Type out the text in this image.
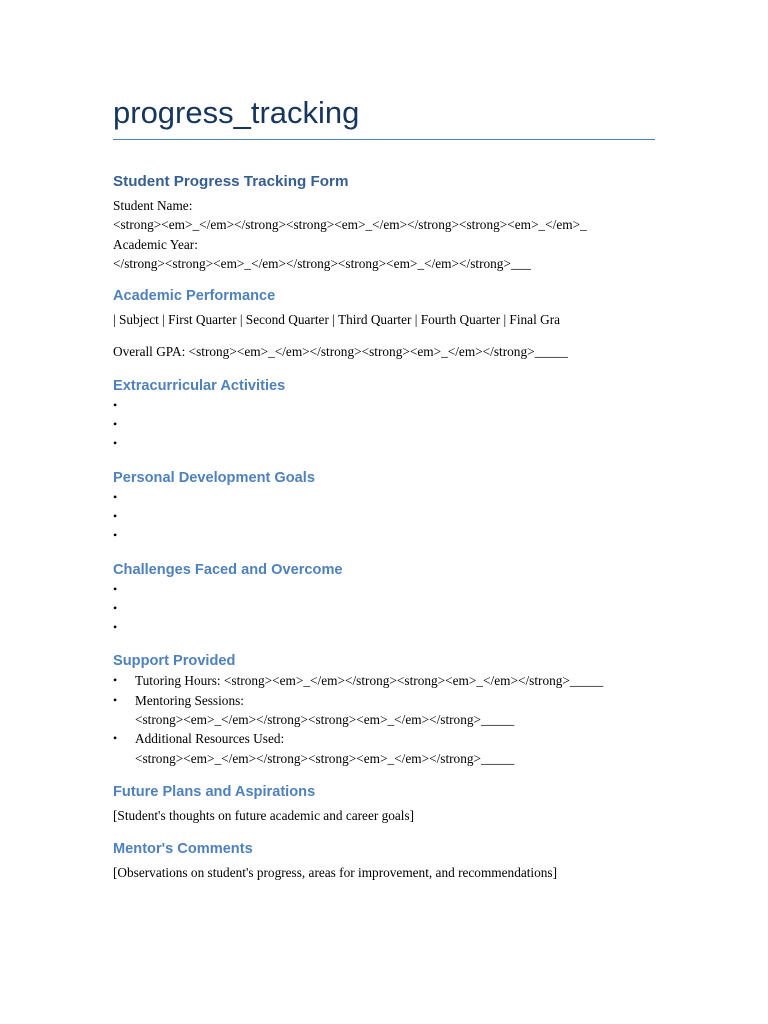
progress_tracking
Student Progress Tracking Form

Student Name:

<strong><em>_</em></strong><strong><em>_</em></strong><strong><em>_</em>_

Academic Year:

</strong><strong><em>_</em></strong><strong><em>_</em></strong>___

Academic Performance

| Subject | First Quarter | Second Quarter | Third Quarter | Fourth Quarter | Final Gra

Overall GPA: <strong><em>_</em></strong><strong><em>_</em></strong>_____

Extracurricular Activities
•
•
•
Personal Development Goals
•
•
•
Challenges Faced and Overcome
•
•
•
Support Provided
• Tutoring Hours: <strong><em>_</em></strong><strong><em>_</em></strong>_____
• Mentoring Sessions:
<strong><em>_</em></strong><strong><em>_</em></strong>_____
• Additional Resources Used:
<strong><em>_</em></strong><strong><em>_</em></strong>_____
Future Plans and Aspirations

[Student's thoughts on future academic and career goals]

Mentor's Comments

[Observations on student's progress, areas for improvement, and recommendations]
